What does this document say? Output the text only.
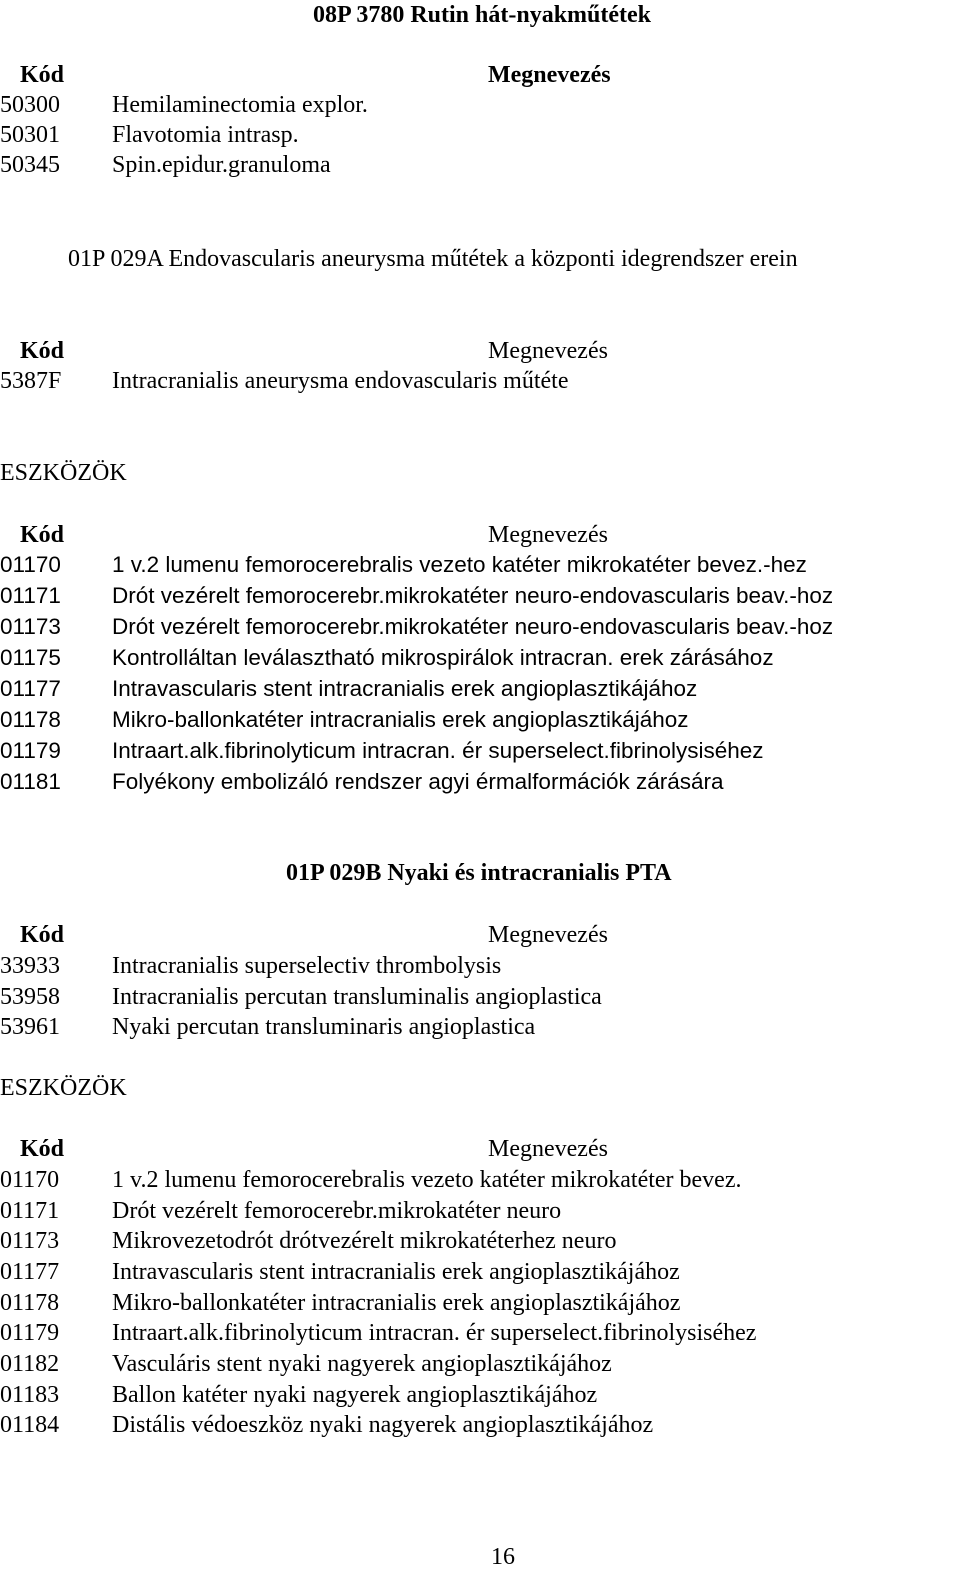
08P 3780 Rutin hát-nyakműtétek
Kód	Megnevezés
50300 Hemilaminectomia explor.
50301 Flavotomia intrasp.
50345 Spin.epidur.granuloma
01P 029A Endovascularis aneurysma műtétek a központi idegrendszer erein
Kód	Megnevezés
5387F Intracranialis aneurysma endovascularis műtéte
ESZKÖZÖK
Kód	Megnevezés
01170 1 v.2 lumenu femorocerebralis vezeto katéter mikrokatéter bevez.-hez
01171 Drót vezérelt femorocerebr.mikrokatéter neuro-endovascularis beav.-hoz
01173 Drót vezérelt femorocerebr.mikrokatéter neuro-endovascularis beav.-hoz
01175 Kontrolláltan leválasztható mikrospirálok intracran. erek zárásához
01177 Intravascularis stent intracranialis erek angioplasztikájához
01178 Mikro-ballonkatéter intracranialis erek angioplasztikájához
01179 Intraart.alk.fibrinolyticum intracran. ér superselect.fibrinolysiséhez
01181 Folyékony embolizáló rendszer agyi érmalformációk zárására
01P 029B Nyaki és intracranialis PTA
Kód	Megnevezés
33933 Intracranialis superselectiv thrombolysis
53958 Intracranialis percutan transluminalis angioplastica
53961 Nyaki percutan transluminaris angioplastica
ESZKÖZÖK
Kód	Megnevezés
01170 1 v.2 lumenu femorocerebralis vezeto katéter mikrokatéter bevez.
01171 Drót vezérelt femorocerebr.mikrokatéter neuro
01173 Mikrovezetodrót drótvezérelt mikrokatéterhez neuro
01177 Intravascularis stent intracranialis erek angioplasztikájához
01178 Mikro-ballonkatéter intracranialis erek angioplasztikájához
01179 Intraart.alk.fibrinolyticum intracran. ér superselect.fibrinolysiséhez
01182 Vasculáris stent nyaki nagyerek angioplasztikájához
01183 Ballon katéter nyaki nagyerek angioplasztikájához
01184 Distális védoeszköz nyaki nagyerek angioplasztikájához
16
